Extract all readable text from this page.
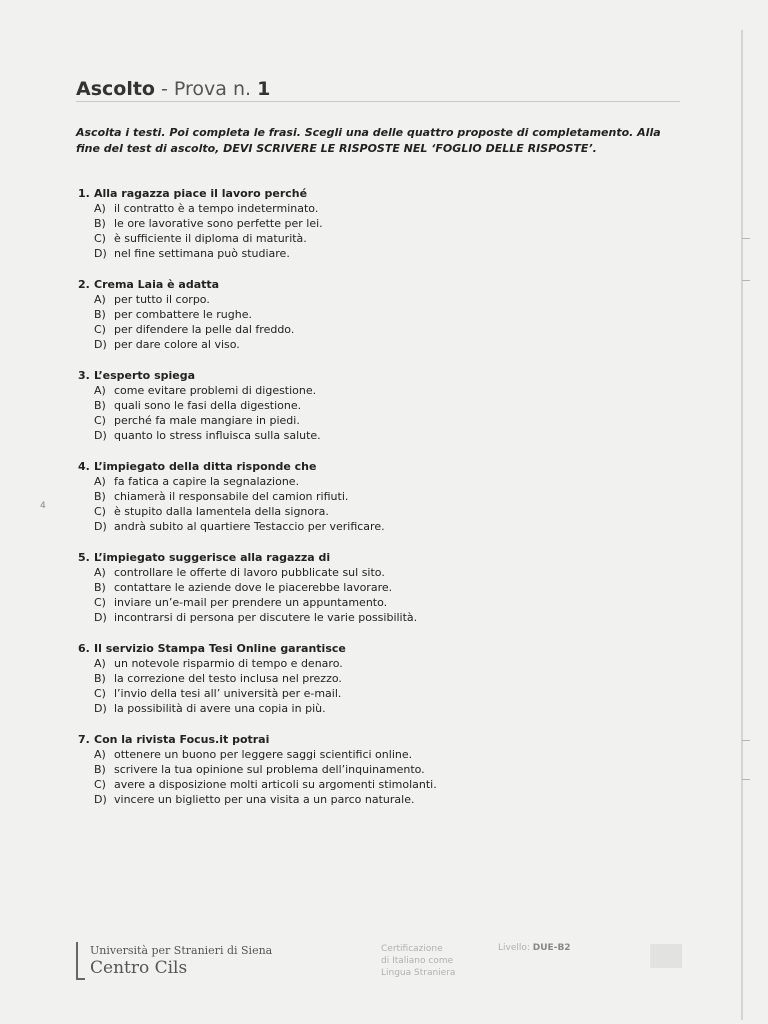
4
Ascolto - Prova n. 1
Ascolta i testi. Poi completa le frasi. Scegli una delle quattro proposte di completamento. Alla fine del test di ascolto, DEVI SCRIVERE LE RISPOSTE NEL ‘FOGLIO DELLE RISPOSTE’.
1. Alla ragazza piace il lavoro perché
A) il contratto è a tempo indeterminato.
B) le ore lavorative sono perfette per lei.
C) è sufficiente il diploma di maturità.
D) nel fine settimana può studiare.
2. Crema Laia è adatta
A) per tutto il corpo.
B) per combattere le rughe.
C) per difendere la pelle dal freddo.
D) per dare colore al viso.
3. L’esperto spiega
A) come evitare problemi di digestione.
B) quali sono le fasi della digestione.
C) perché fa male mangiare in piedi.
D) quanto lo stress influisca sulla salute.
4. L’impiegato della ditta risponde che
A) fa fatica a capire la segnalazione.
B) chiamerà il responsabile del camion rifiuti.
C) è stupito dalla lamentela della signora.
D) andrà subito al quartiere Testaccio per verificare.
5. L’impiegato suggerisce alla ragazza di
A) controllare le offerte di lavoro pubblicate sul sito.
B) contattare le aziende dove le piacerebbe lavorare.
C) inviare un’e-mail per prendere un appuntamento.
D) incontrarsi di persona per discutere le varie possibilità.
6. Il servizio Stampa Tesi Online garantisce
A) un notevole risparmio di tempo e denaro.
B) la correzione del testo inclusa nel prezzo.
C) l’invio della tesi all’ università per e-mail.
D) la possibilità di avere una copia in più.
7. Con la rivista Focus.it potrai
A) ottenere un buono per leggere saggi scientifici online.
B) scrivere la tua opinione sul problema dell’inquinamento.
C) avere a disposizione molti articoli su argomenti stimolanti.
D) vincere un biglietto per una visita a un parco naturale.
Università per Stranieri di Siena
Centro Cils
Certificazione
di Italiano come
Lingua Straniera
Livello: DUE-B2
